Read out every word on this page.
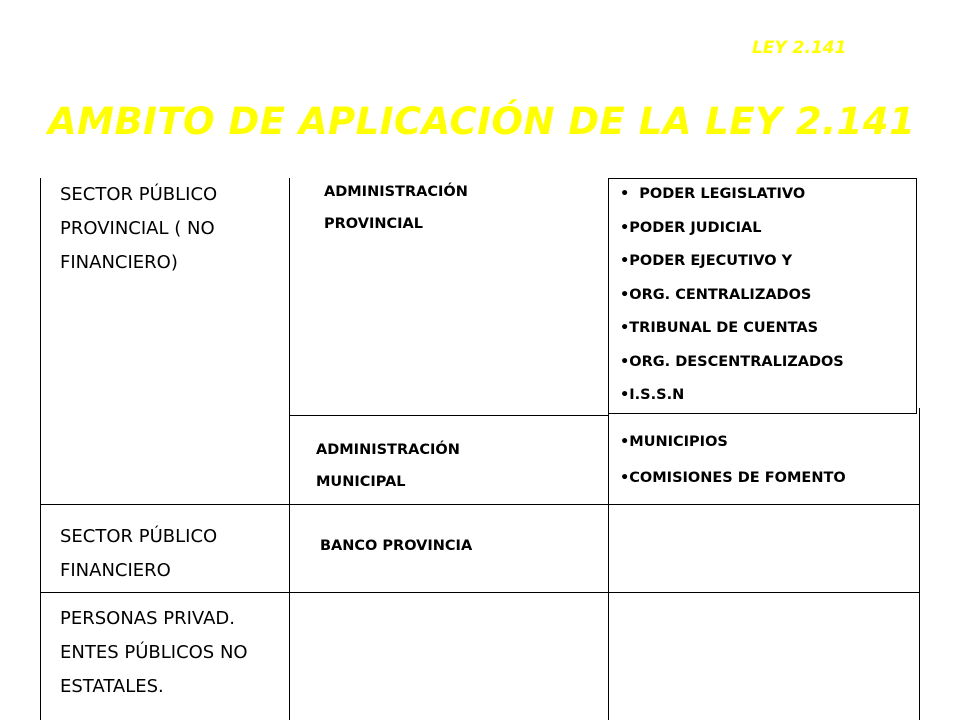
LEY 2.141
AMBITO DE APLICACIÓN DE LA LEY 2.141
SECTOR PÚBLICO
PROVINCIAL ( NO
FINANCIERO)
SECTOR PÚBLICO
FINANCIERO
PERSONAS PRIVAD.
ENTES PÚBLICOS NO
ESTATALES.
ADMINISTRACIÓN
PROVINCIAL
ADMINISTRACIÓN
MUNICIPAL
BANCO PROVINCIA
• PODER LEGISLATIVO
•PODER JUDICIAL
•PODER EJECUTIVO Y
•ORG. CENTRALIZADOS
•TRIBUNAL DE CUENTAS
•ORG. DESCENTRALIZADOS
•I.S.S.N
•MUNICIPIOS
•COMISIONES DE FOMENTO
